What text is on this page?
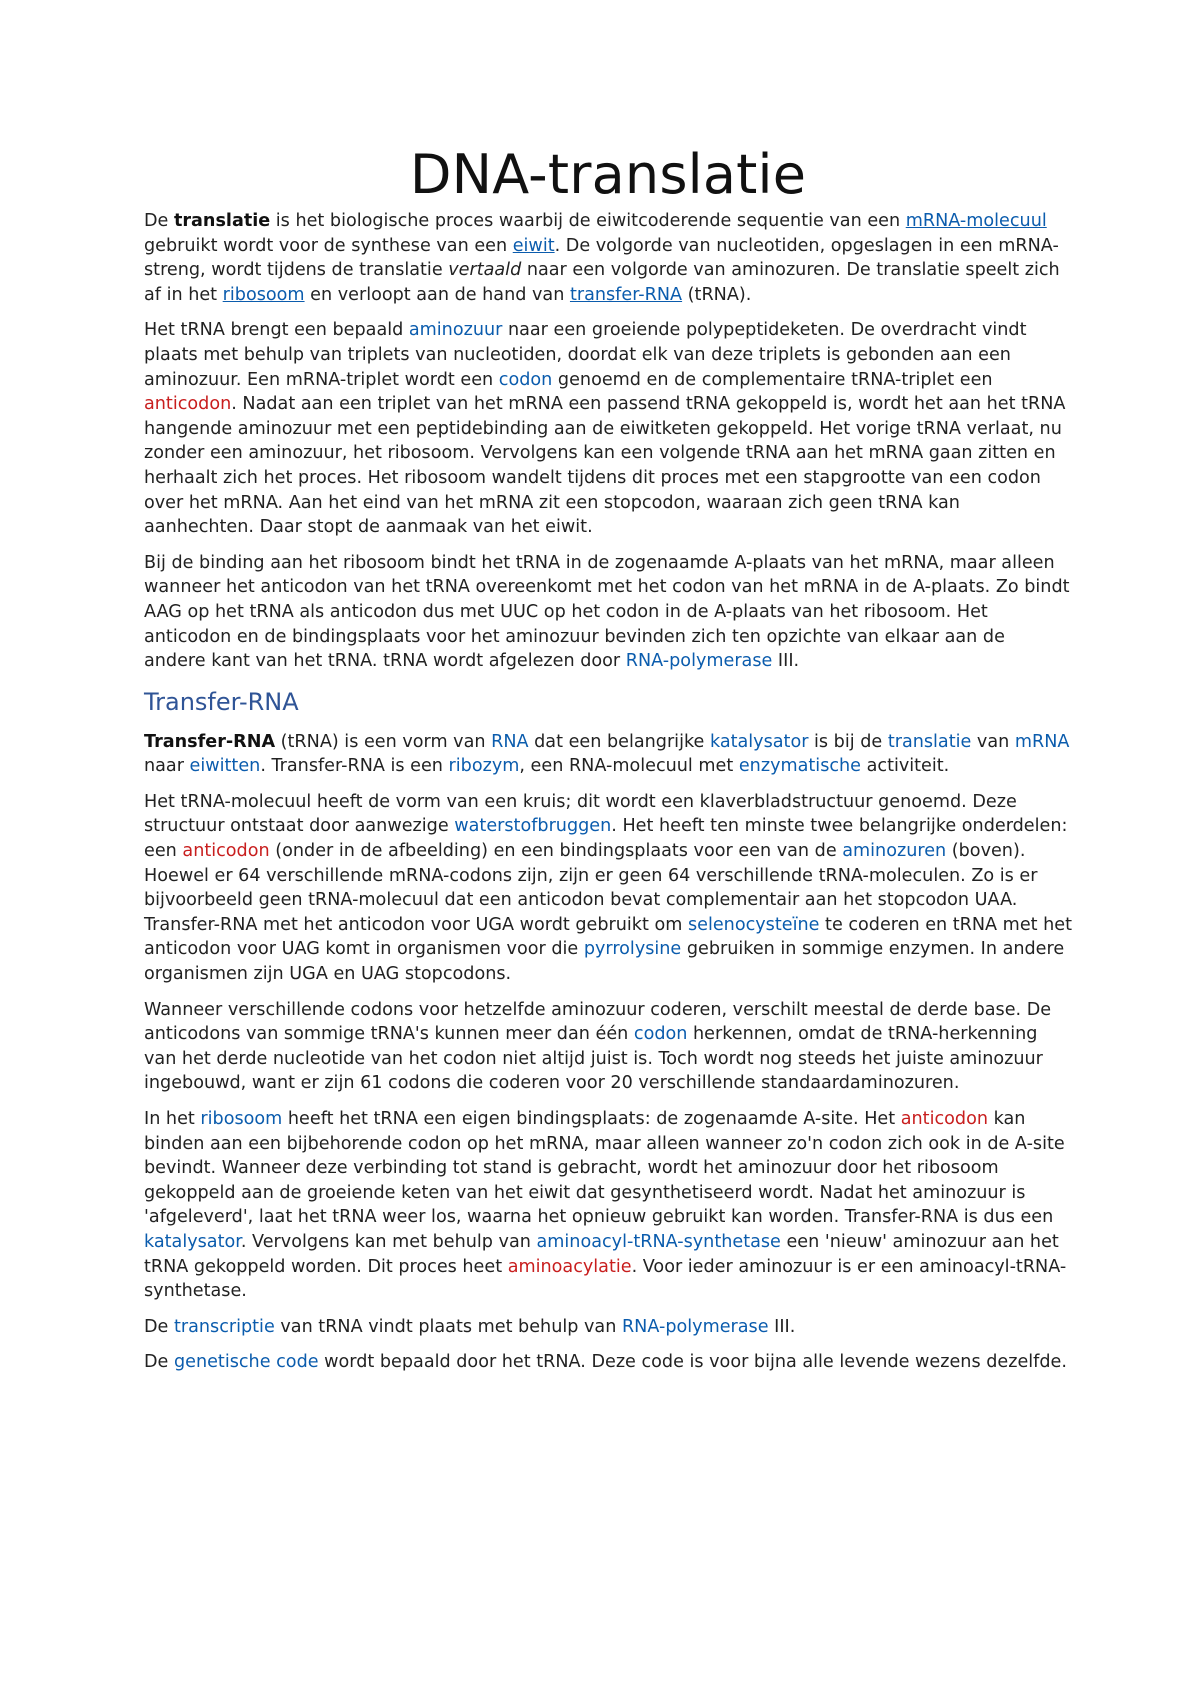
DNA-translatie

De translatie is het biologische proces waarbij de eiwitcoderende sequentie van een mRNA-molecuul gebruikt wordt voor de synthese van een eiwit. De volgorde van nucleotiden, opgeslagen in een mRNA-streng, wordt tijdens de translatie vertaald naar een volgorde van aminozuren. De translatie speelt zich af in het ribosoom en verloopt aan de hand van transfer-RNA (tRNA).

Het tRNA brengt een bepaald aminozuur naar een groeiende polypeptideketen. De overdracht vindt plaats met behulp van triplets van nucleotiden, doordat elk van deze triplets is gebonden aan een aminozuur. Een mRNA-triplet wordt een codon genoemd en de complementaire tRNA-triplet een anticodon. Nadat aan een triplet van het mRNA een passend tRNA gekoppeld is, wordt het aan het tRNA hangende aminozuur met een peptidebinding aan de eiwitketen gekoppeld. Het vorige tRNA verlaat, nu zonder een aminozuur, het ribosoom. Vervolgens kan een volgende tRNA aan het mRNA gaan zitten en herhaalt zich het proces. Het ribosoom wandelt tijdens dit proces met een stapgrootte van een codon over het mRNA. Aan het eind van het mRNA zit een stopcodon, waaraan zich geen tRNA kan aanhechten. Daar stopt de aanmaak van het eiwit.

Bij de binding aan het ribosoom bindt het tRNA in de zogenaamde A-plaats van het mRNA, maar alleen wanneer het anticodon van het tRNA overeenkomt met het codon van het mRNA in de A-plaats. Zo bindt AAG op het tRNA als anticodon dus met UUC op het codon in de A-plaats van het ribosoom. Het anticodon en de bindingsplaats voor het aminozuur bevinden zich ten opzichte van elkaar aan de andere kant van het tRNA. tRNA wordt afgelezen door RNA-polymerase III.

Transfer-RNA

Transfer-RNA (tRNA) is een vorm van RNA dat een belangrijke katalysator is bij de translatie van mRNA naar eiwitten. Transfer-RNA is een ribozym, een RNA-molecuul met enzymatische activiteit.

Het tRNA-molecuul heeft de vorm van een kruis; dit wordt een klaverbladstructuur genoemd. Deze structuur ontstaat door aanwezige waterstofbruggen. Het heeft ten minste twee belangrijke onderdelen: een anticodon (onder in de afbeelding) en een bindingsplaats voor een van de aminozuren (boven). Hoewel er 64 verschillende mRNA-codons zijn, zijn er geen 64 verschillende tRNA-moleculen. Zo is er bijvoorbeeld geen tRNA-molecuul dat een anticodon bevat complementair aan het stopcodon UAA. Transfer-RNA met het anticodon voor UGA wordt gebruikt om selenocysteïne te coderen en tRNA met het anticodon voor UAG komt in organismen voor die pyrrolysine gebruiken in sommige enzymen. In andere organismen zijn UGA en UAG stopcodons.

Wanneer verschillende codons voor hetzelfde aminozuur coderen, verschilt meestal de derde base. De anticodons van sommige tRNA's kunnen meer dan één codon herkennen, omdat de tRNA-herkenning van het derde nucleotide van het codon niet altijd juist is. Toch wordt nog steeds het juiste aminozuur ingebouwd, want er zijn 61 codons die coderen voor 20 verschillende standaardaminozuren.

In het ribosoom heeft het tRNA een eigen bindingsplaats: de zogenaamde A-site. Het anticodon kan binden aan een bijbehorende codon op het mRNA, maar alleen wanneer zo'n codon zich ook in de A-site bevindt. Wanneer deze verbinding tot stand is gebracht, wordt het aminozuur door het ribosoom gekoppeld aan de groeiende keten van het eiwit dat gesynthetiseerd wordt. Nadat het aminozuur is 'afgeleverd', laat het tRNA weer los, waarna het opnieuw gebruikt kan worden. Transfer-RNA is dus een katalysator. Vervolgens kan met behulp van aminoacyl-tRNA-synthetase een 'nieuw' aminozuur aan het tRNA gekoppeld worden. Dit proces heet aminoacylatie. Voor ieder aminozuur is er een aminoacyl-tRNA-synthetase.

De transcriptie van tRNA vindt plaats met behulp van RNA-polymerase III.

De genetische code wordt bepaald door het tRNA. Deze code is voor bijna alle levende wezens dezelfde.
